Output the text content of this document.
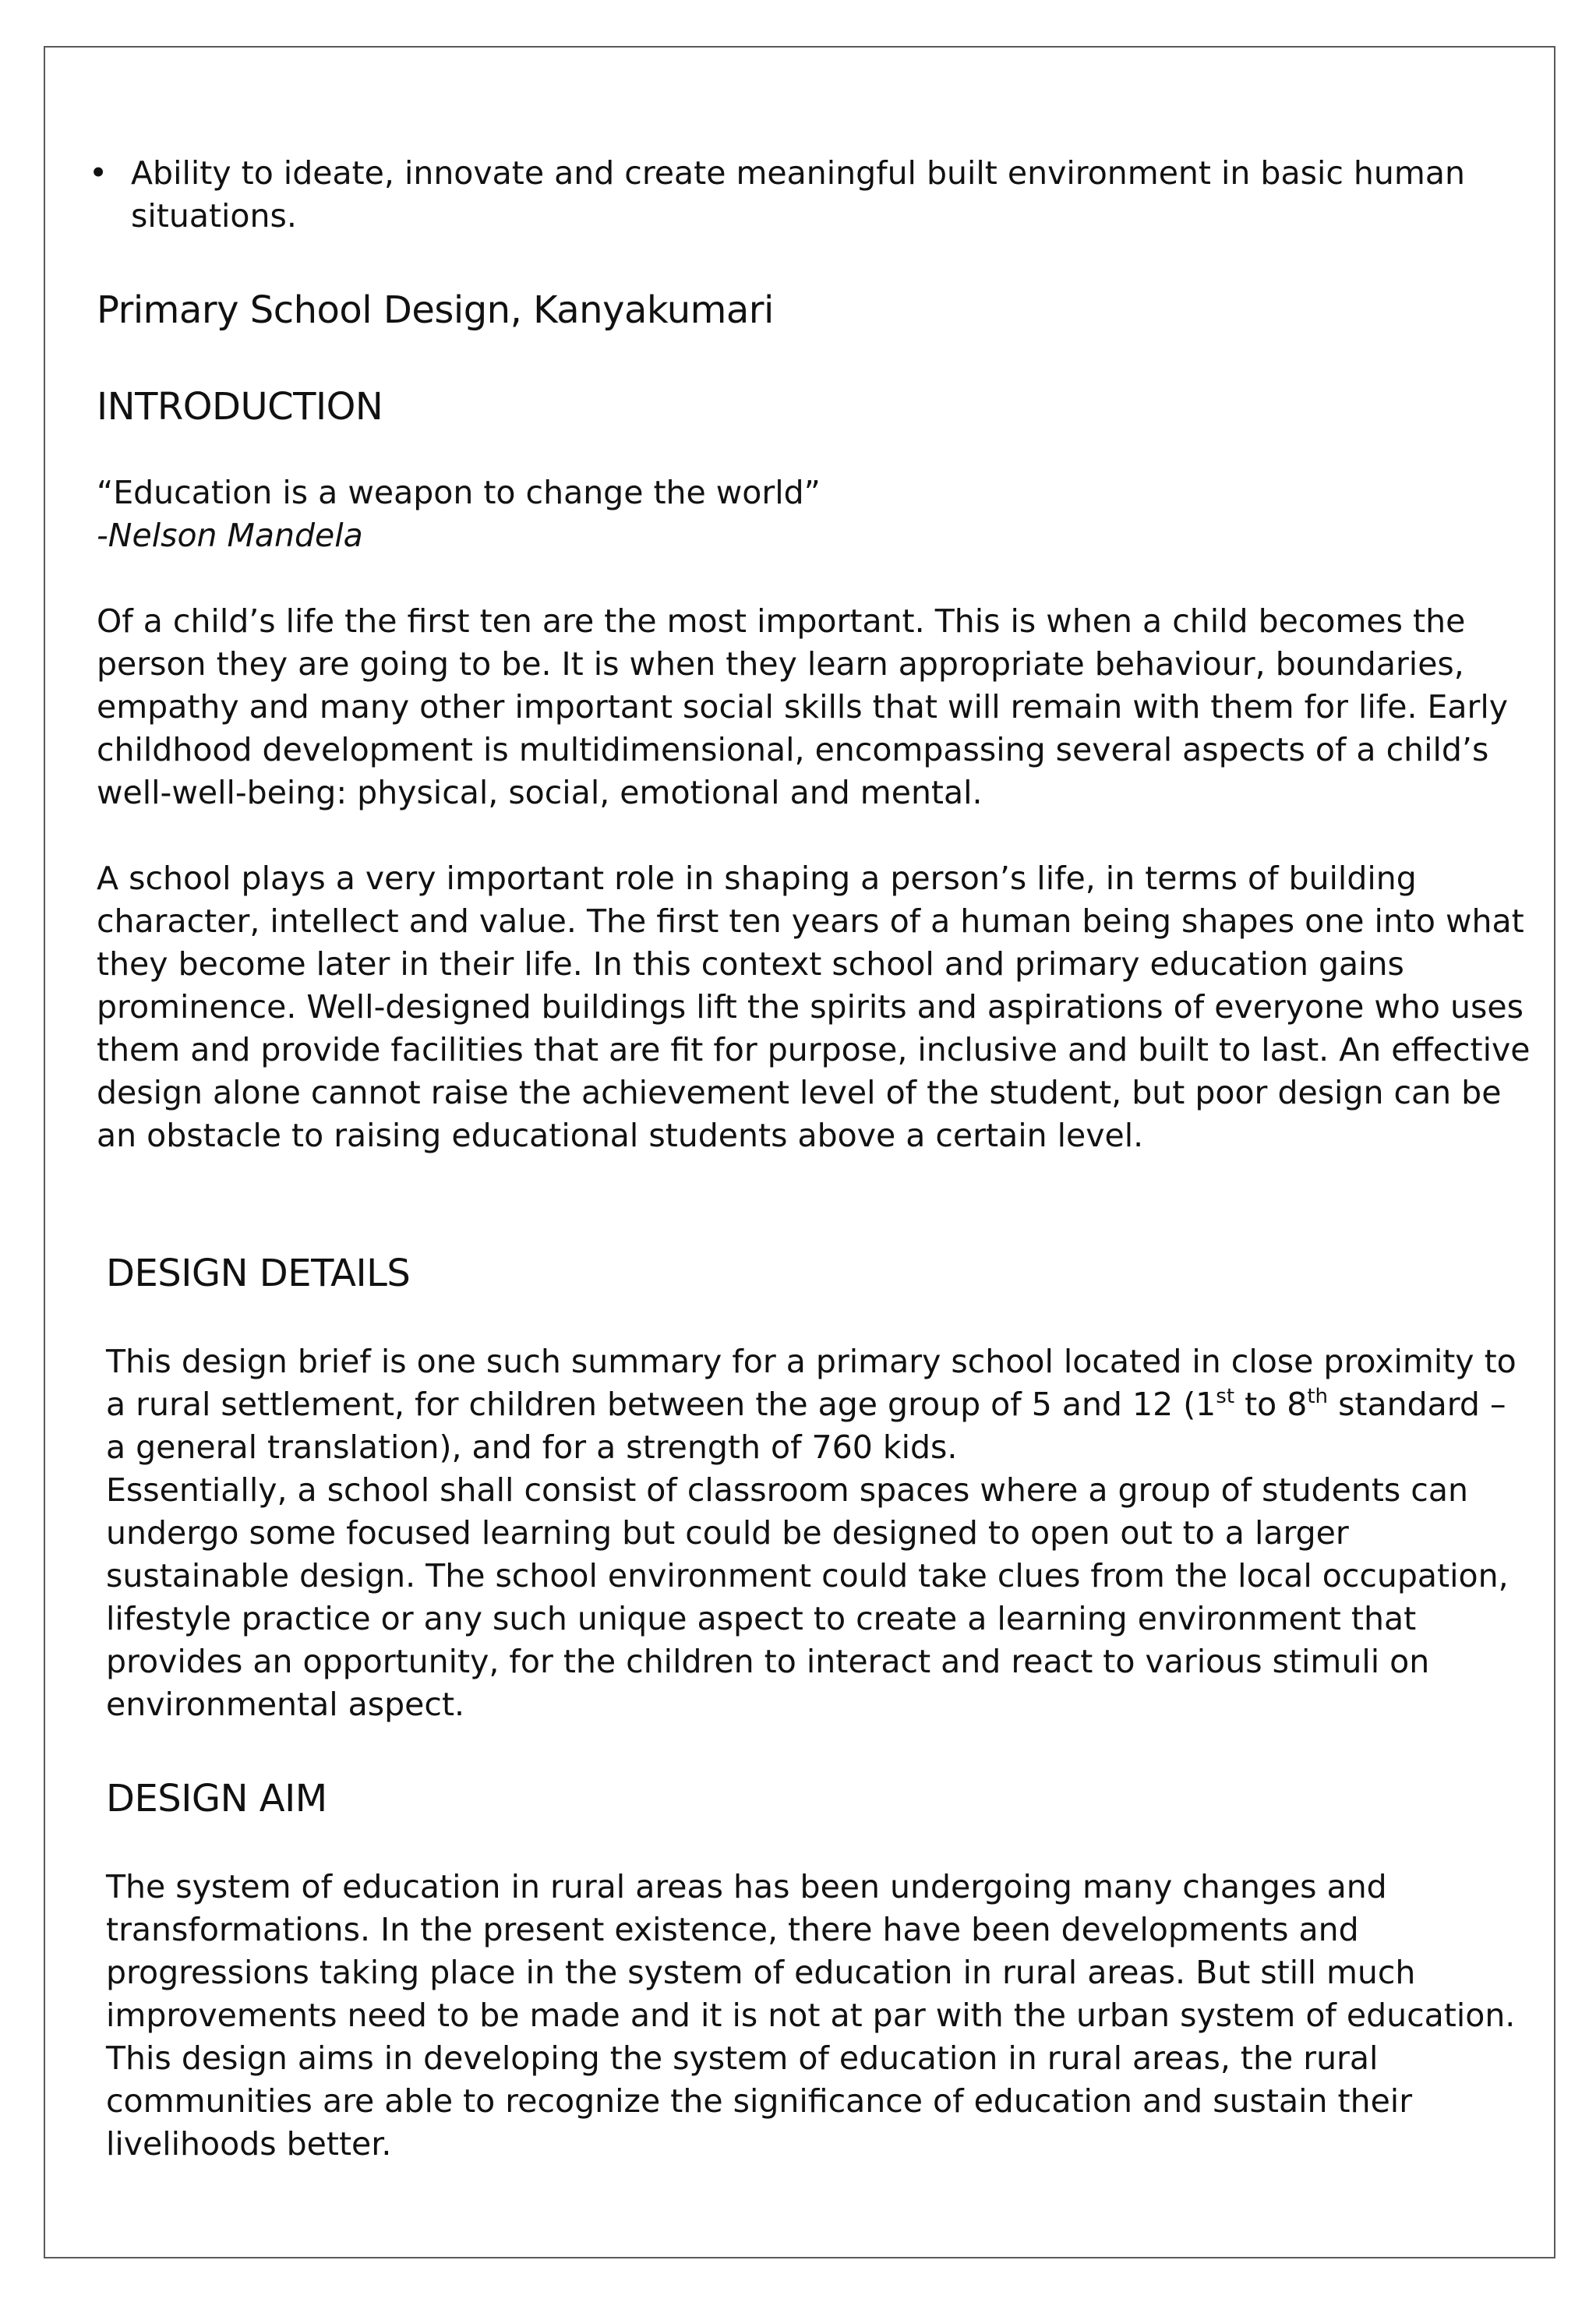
• Ability to ideate, innovate and create meaningful built environment in basic human situations.
Primary School Design, Kanyakumari
INTRODUCTION

“Education is a weapon to change the world”

-Nelson Mandela

Of a child’s life the first ten are the most important. This is when a child becomes the person they are going to be. It is when they learn appropriate behaviour, boundaries, empathy and many other important social skills that will remain with them for life. Early childhood development is multidimensional, encompassing several aspects of a child’s well-well-being: physical, social, emotional and mental.

A school plays a very important role in shaping a person’s life, in terms of building character, intellect and value. The first ten years of a human being shapes one into what they become later in their life. In this context school and primary education gains prominence. Well-designed buildings lift the spirits and aspirations of everyone who uses them and provide facilities that are fit for purpose, inclusive and built to last. An effective design alone cannot raise the achievement level of the student, but poor design can be an obstacle to raising educational students above a certain level.

DESIGN DETAILS

This design brief is one such summary for a primary school located in close proximity to a rural settlement, for children between the age group of 5 and 12 (1st to 8th standard – a general translation), and for a strength of 760 kids.

Essentially, a school shall consist of classroom spaces where a group of students can undergo some focused learning but could be designed to open out to a larger sustainable design. The school environment could take clues from the local occupation, lifestyle practice or any such unique aspect to create a learning environment that provides an opportunity, for the children to interact and react to various stimuli on environmental aspect.

DESIGN AIM

The system of education in rural areas has been undergoing many changes and transformations. In the present existence, there have been developments and progressions taking place in the system of education in rural areas. But still much improvements need to be made and it is not at par with the urban system of education. This design aims in developing the system of education in rural areas, the rural communities are able to recognize the significance of education and sustain their livelihoods better.
